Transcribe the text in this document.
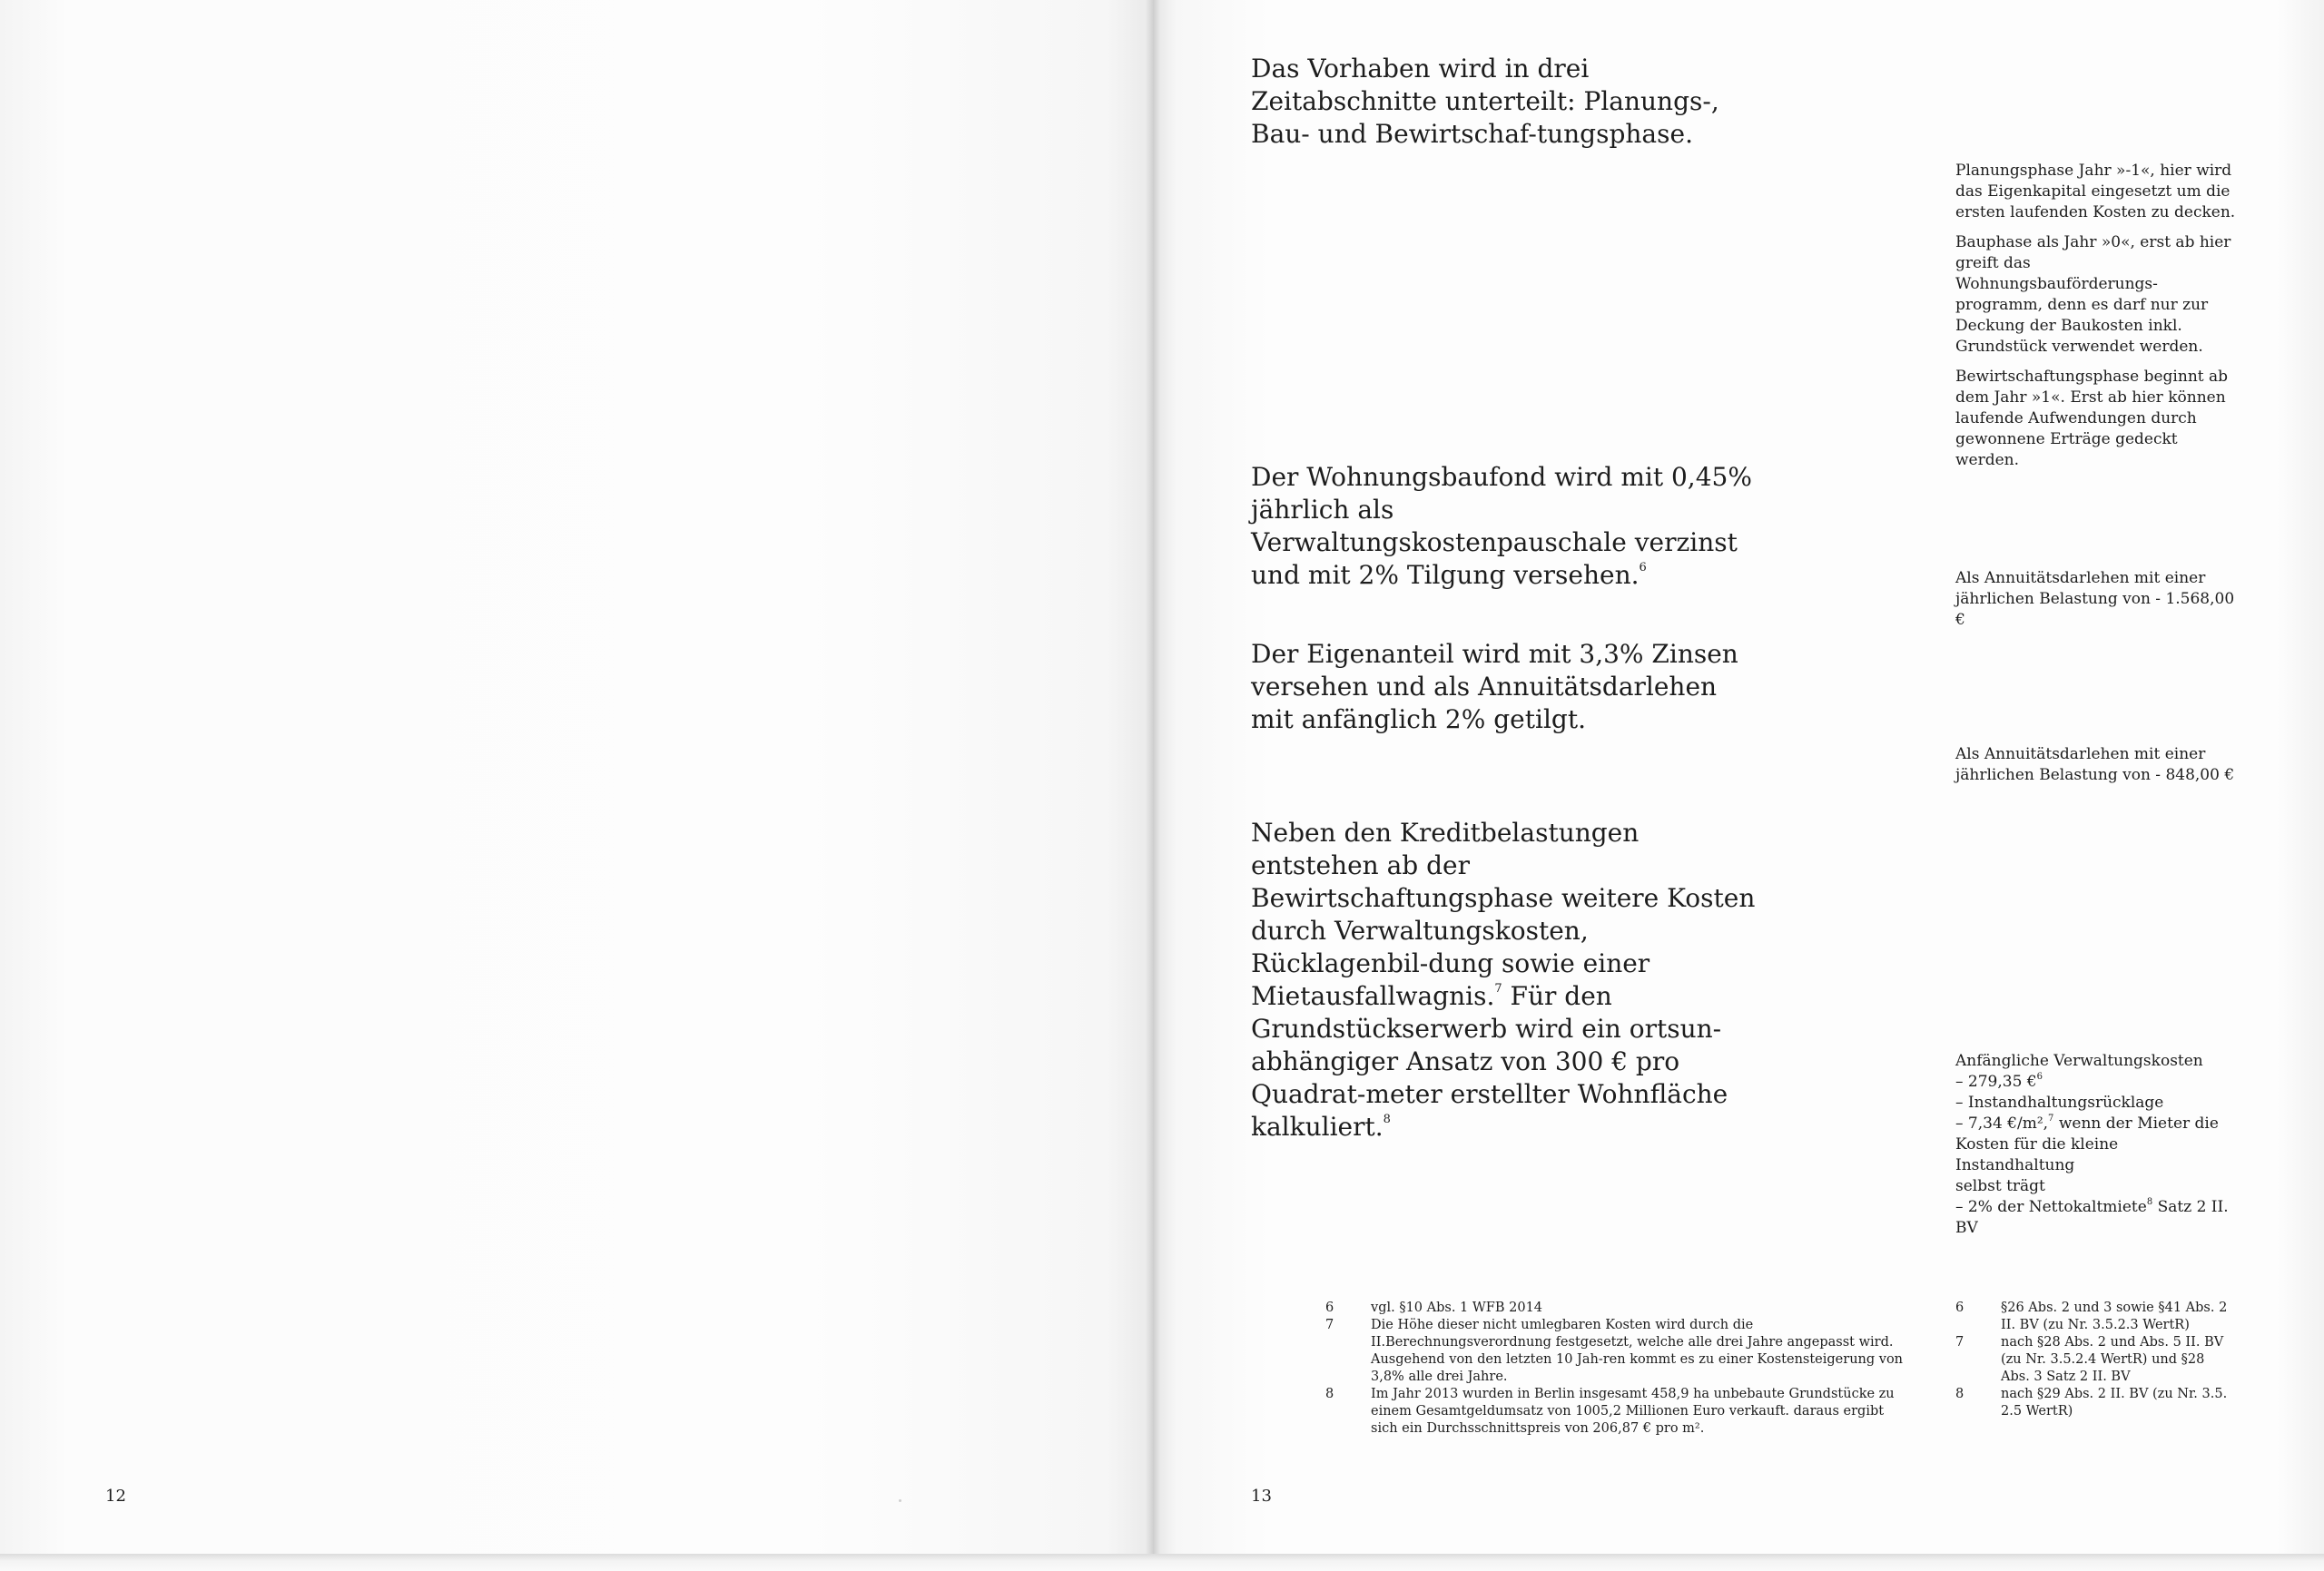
12

Das Vorhaben wird in drei Zeitabschnitte unterteilt: Planungs-, Bau- und Bewirtschaf-tungsphase.

Der Wohnungsbaufond wird mit 0,45% jährlich als Verwaltungskostenpauschale verzinst und mit 2% Tilgung versehen.$^6$

Der Eigenanteil wird mit 3,3% Zinsen versehen und als Annuitätsdarlehen mit anfänglich 2% getilgt.

Neben den Kreditbelastungen entstehen ab der Bewirtschaftungsphase weitere Kosten durch Verwaltungskosten, Rücklagenbil-dung sowie einer Mietausfallwagnis.$^7$ Für den Grundstückserwerb wird ein ortsun-abhängiger Ansatz von 300 € pro Quadrat-meter erstellter Wohnfläche kalkuliert.$^8$

Planungsphase Jahr »-1«, hier wird das Eigenkapital eingesetzt um die ersten laufenden Kosten zu decken.

Bauphase als Jahr »0«, erst ab hier greift das Wohnungsbauförderungs-programm, denn es darf nur zur Deckung der Baukosten inkl. Grundstück verwendet werden.

Bewirtschaftungsphase beginnt ab dem Jahr »1«. Erst ab hier können laufende Aufwendungen durch gewonnene Erträge gedeckt werden.

Als Annuitätsdarlehen mit einer jährlichen Belastung von - 1.568,00 €

Als Annuitätsdarlehen mit einer jährlichen Belastung von - 848,00 €

Anfängliche Verwaltungskosten
– 279,35 €$^6$
– Instandhaltungsrücklage
– 7,34 €/m²,$^7$ wenn der Mieter die
Kosten für die kleine Instandhaltung
selbst trägt
– 2% der Nettokaltmiete$^8$ Satz 2 II. BV
6	vgl. §10 Abs. 1 WFB 2014
7	Die Höhe dieser nicht umlegbaren Kosten wird durch die II.Berechnungsverordnung festgesetzt, welche alle drei Jahre angepasst wird. Ausgehend von den letzten 10 Jah-ren kommt es zu einer Kostensteigerung von 3,8% alle drei Jahre.
8	Im Jahr 2013 wurden in Berlin insgesamt 458,9 ha unbebaute Grundstücke zu einem Gesamtgeldumsatz von 1005,2 Millionen Euro verkauft. daraus ergibt sich ein Durchsschnittspreis von 206,87 € pro m².
6	§26 Abs. 2 und 3 sowie §41 Abs. 2 II. BV (zu Nr. 3.5.2.3 WertR)
7	nach §28 Abs. 2 und Abs. 5 II. BV (zu Nr. 3.5.2.4 WertR) und §28 Abs. 3 Satz 2 II. BV
8	nach §29 Abs. 2 II. BV (zu Nr. 3.5. 2.5 WertR)
13
